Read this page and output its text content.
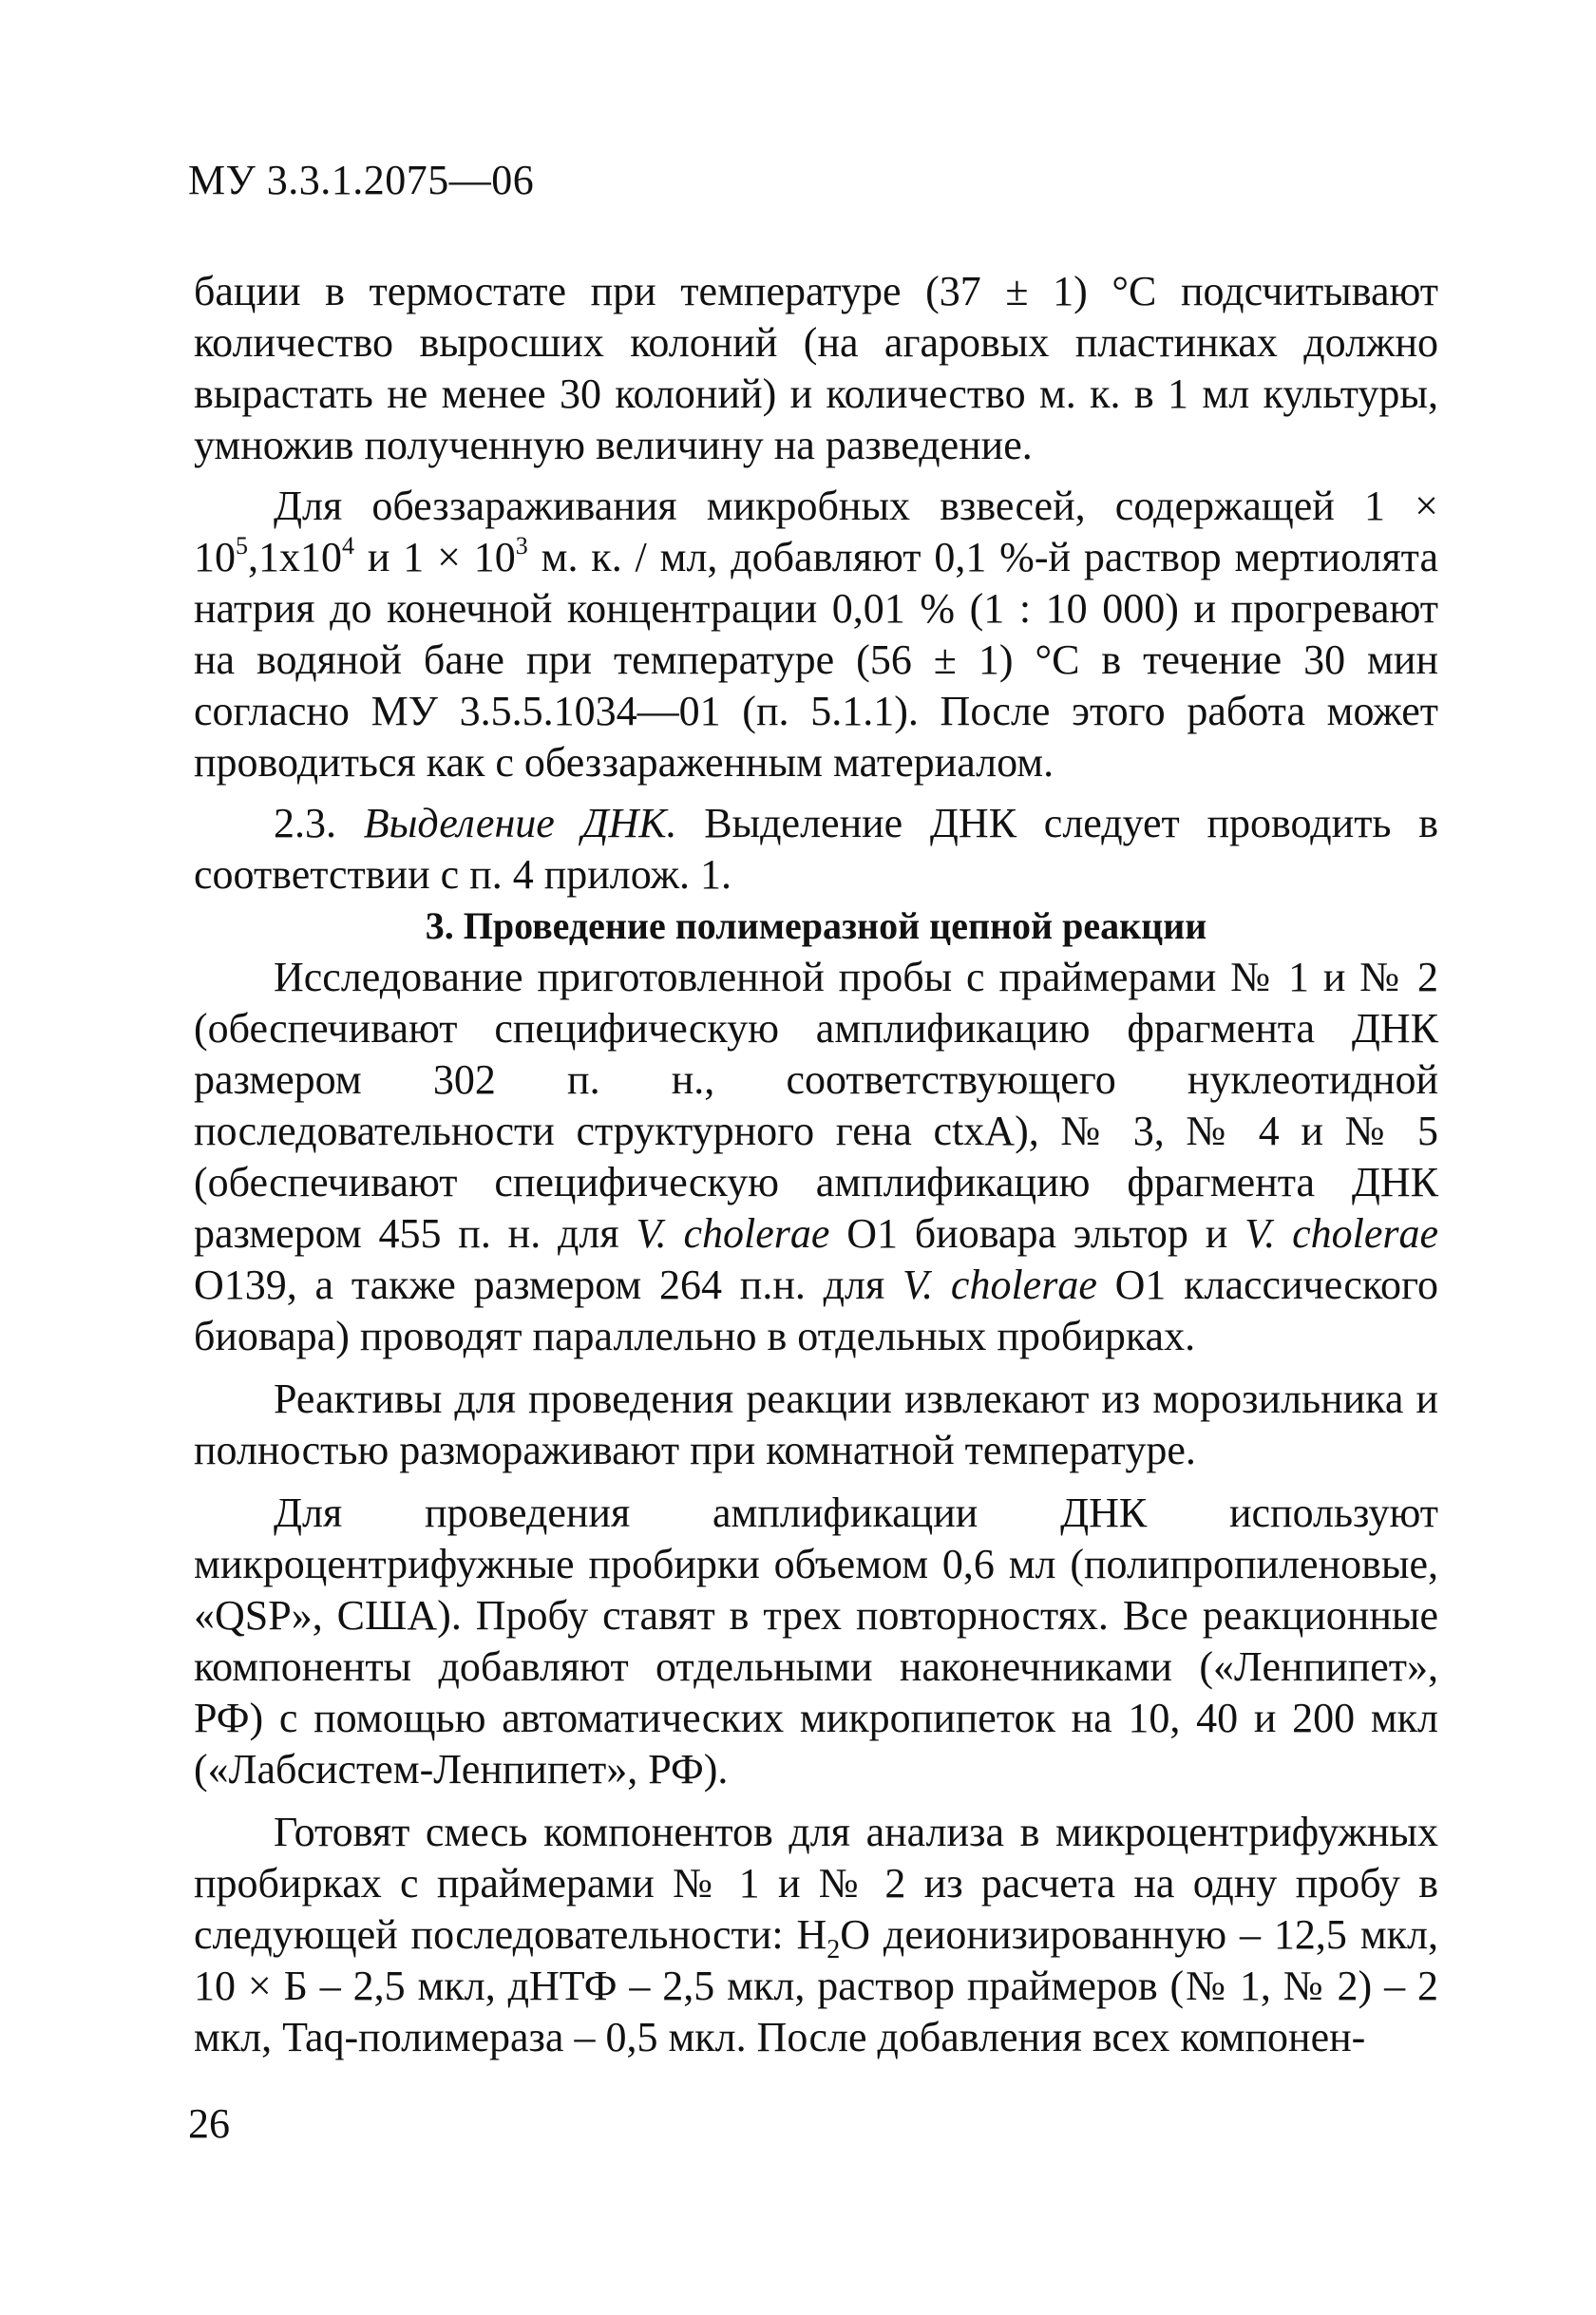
МУ 3.3.1.2075—06

бации в термостате при температуре (37 ± 1) °С подсчитывают количество выросших колоний (на агаровых пластинках должно вырастать не менее 30 колоний) и количество м. к. в 1 мл культуры, умножив полученную величину на разведение.

Для обеззараживания микробных взвесей, содержащей $1 \times 10^5,1х10^4$ и $1 \times 10^3$ м. к. / мл, добавляют 0,1 %-й раствор мертиолята натрия до конечной концентрации 0,01 % (1 : 10 000) и прогревают на водяной бане при температуре (56 ± 1) °С в течение 30 мин согласно МУ 3.5.5.1034—01 (п. 5.1.1). После этого работа может проводиться как с обеззараженным материалом.

2.3. Выделение ДНК. Выделение ДНК следует проводить в соответствии с п. 4 прилож. 1.

3. Проведение полимеразной цепной реакции

Исследование приготовленной пробы с праймерами № 1 и № 2 (обеспечивают специфическую амплификацию фрагмента ДНК размером 302 п. н., соответствующего нуклеотидной последовательности структурного гена ctxA), № 3, № 4 и № 5 (обеспечивают специфическую амплификацию фрагмента ДНК размером 455 п. н. для V. cholerae O1 биовара эльтор и V. cholerae O139, а также размером 264 п.н. для V. cholerae O1 классического биовара) проводят параллельно в отдельных пробирках.

Реактивы для проведения реакции извлекают из морозильника и полностью размораживают при комнатной температуре.

Для проведения амплификации ДНК используют микроцентрифужные пробирки объемом 0,6 мл (полипропиленовые, «QSP», США). Пробу ставят в трех повторностях. Все реакционные компоненты добавляют отдельными наконечниками («Ленпипет», РФ) с помощью автоматических микропипеток на 10, 40 и 200 мкл («Лабсистем-Ленпипет», РФ).

Готовят смесь компонентов для анализа в микроцентрифужных пробирках с праймерами № 1 и № 2 из расчета на одну пробу в следующей последовательности: $H_2O$ деионизированную – 12,5 мкл, 10 × Б – 2,5 мкл, дНТФ – 2,5 мкл, раствор праймеров (№ 1, № 2) – 2 мкл, Taq-полимераза – 0,5 мкл. После добавления всех компонен-

26
